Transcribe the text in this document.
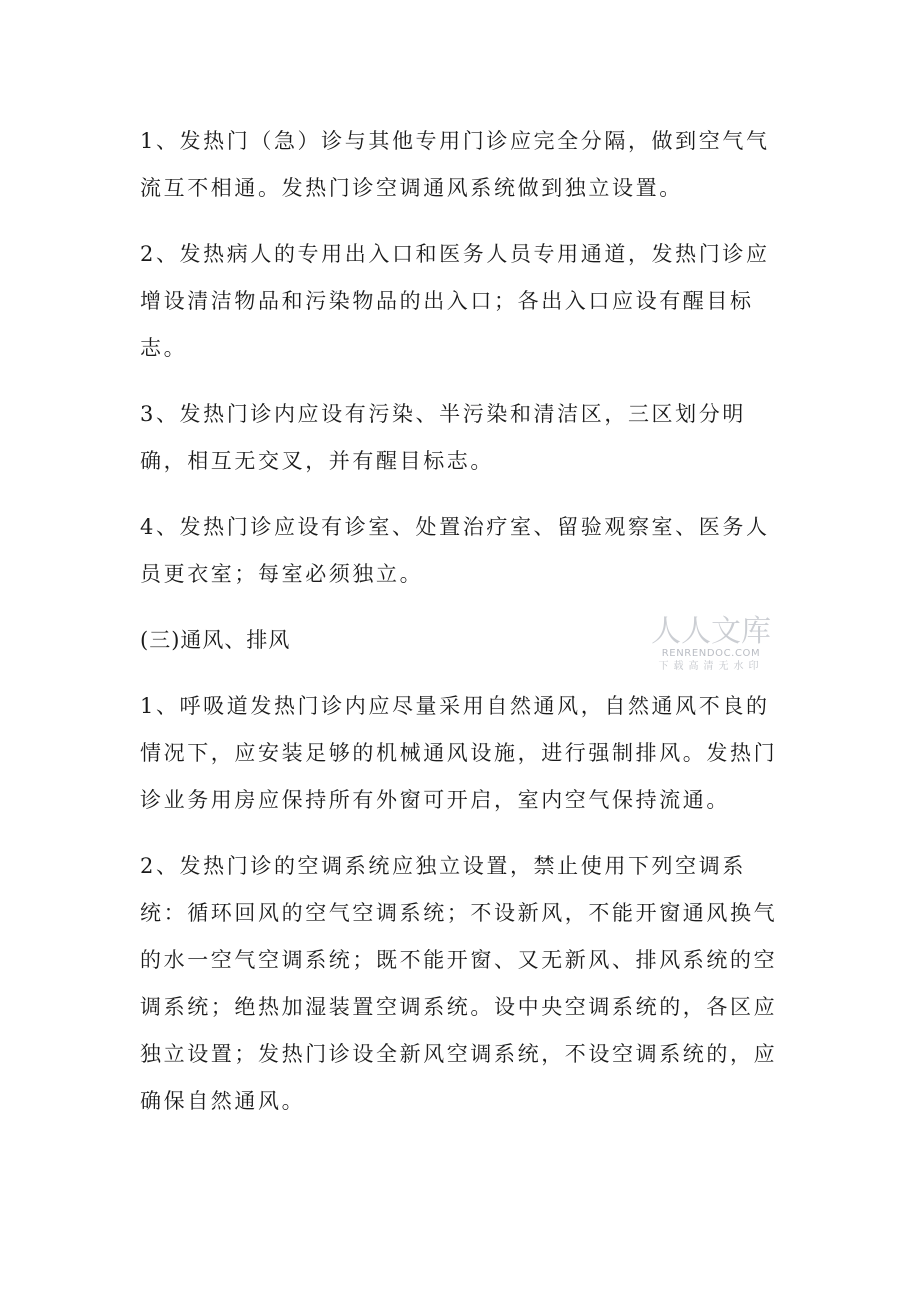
1、发热门（急）诊与其他专用门诊应完全分隔，做到空气气流互不相通。发热门诊空调通风系统做到独立设置。

2、发热病人的专用出入口和医务人员专用通道，发热门诊应增设清洁物品和污染物品的出入口；各出入口应设有醒目标志。

3、发热门诊内应设有污染、半污染和清洁区，三区划分明确，相互无交叉，并有醒目标志。

4、发热门诊应设有诊室、处置治疗室、留验观察室、医务人员更衣室；每室必须独立。

(三)通风、排风

1、呼吸道发热门诊内应尽量采用自然通风，自然通风不良的情况下，应安装足够的机械通风设施，进行强制排风。发热门诊业务用房应保持所有外窗可开启，室内空气保持流通。

2、发热门诊的空调系统应独立设置，禁止使用下列空调系统：循环回风的空气空调系统；不设新风，不能开窗通风换气的水一空气空调系统；既不能开窗、又无新风、排风系统的空调系统；绝热加湿装置空调系统。设中央空调系统的，各区应独立设置；发热门诊设全新风空调系统，不设空调系统的，应确保自然通风。

人人文库
RENRENDOC.COM
下载高清无水印
